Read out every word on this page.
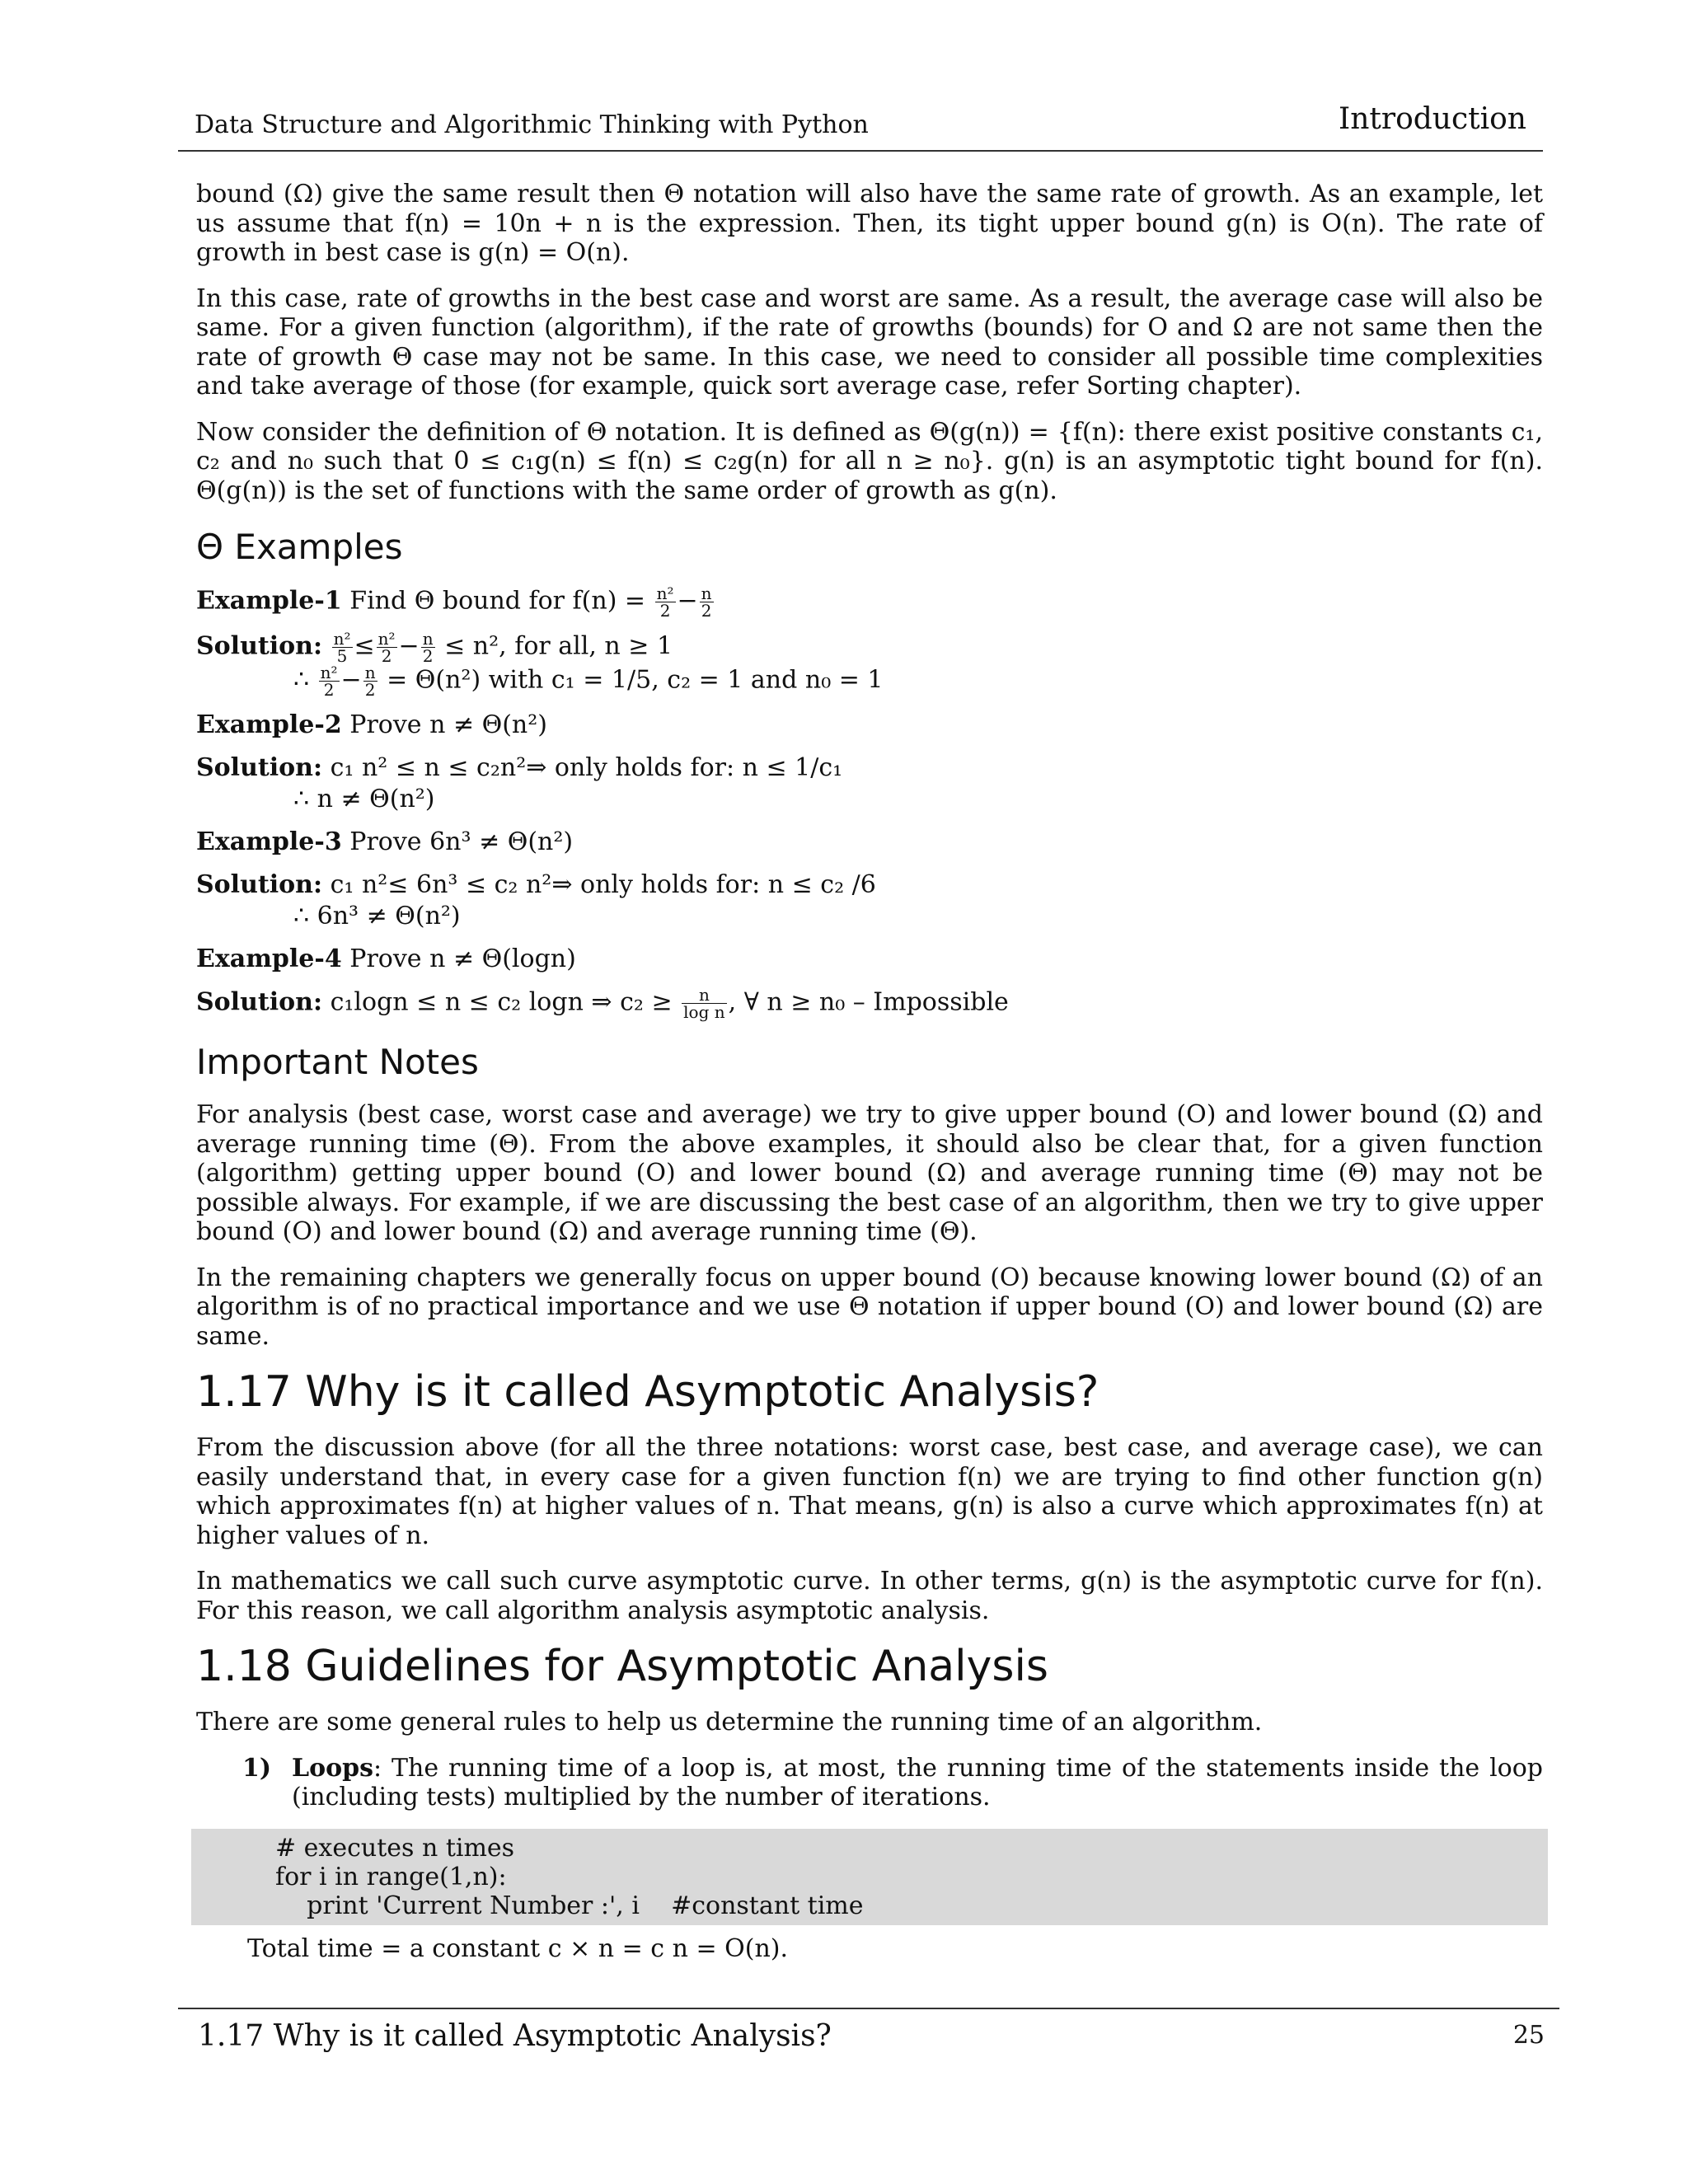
Data Structure and Algorithmic Thinking with Python	Introduction

bound (Ω) give the same result then Θ notation will also have the same rate of growth. As an example, let us assume that f(n) = 10n + n is the expression. Then, its tight upper bound g(n) is O(n). The rate of growth in best case is g(n) = O(n).

In this case, rate of growths in the best case and worst are same. As a result, the average case will also be same. For a given function (algorithm), if the rate of growths (bounds) for O and Ω are not same then the rate of growth Θ case may not be same. In this case, we need to consider all possible time complexities and take average of those (for example, quick sort average case, refer Sorting chapter).

Now consider the definition of Θ notation. It is defined as Θ(g(n)) = {f(n): there exist positive constants c₁, c₂ and n₀ such that 0 ≤ c₁g(n) ≤ f(n) ≤ c₂g(n) for all n ≥ n₀}. g(n) is an asymptotic tight bound for f(n). Θ(g(n)) is the set of functions with the same order of growth as g(n).

Θ Examples
Example-1 Find Θ bound for $f(n) = \frac{\text{n²}}{2} - \frac{n}{2}$
Solution: $\frac{\text{n²}}{5} \le \frac{\text{n²}}{2} - \frac{n}{2} \le n^2$, for all, n ≥ 1
∴ $\frac{\text{n²}}{2} - \frac{n}{2} = \Theta(n^2)$ with c₁ = 1/5, c₂ = 1 and n₀ = 1
Example-2 Prove n ≠ Θ(n²)
Solution: c₁ n² ≤ n ≤ c₂n²⇒ only holds for: n ≤ 1/c₁
∴ n ≠ Θ(n²)
Example-3 Prove 6n³ ≠ Θ(n²)
Solution: c₁ n²≤ 6n³ ≤ c₂ n²⇒ only holds for: n ≤ c₂ /6
∴ 6n³ ≠ Θ(n²)
Example-4 Prove n ≠ Θ(logn)
Solution: c₁logn ≤ n ≤ c₂ logn ⇒ $c_2 \ge \frac{n}{\text{log n}}$ , ∀ n ≥ n₀ – Impossible
Important Notes

For analysis (best case, worst case and average) we try to give upper bound (O) and lower bound (Ω) and average running time (Θ). From the above examples, it should also be clear that, for a given function (algorithm) getting upper bound (O) and lower bound (Ω) and average running time (Θ) may not be possible always. For example, if we are discussing the best case of an algorithm, then we try to give upper bound (O) and lower bound (Ω) and average running time (Θ).

In the remaining chapters we generally focus on upper bound (O) because knowing lower bound (Ω) of an algorithm is of no practical importance and we use Θ notation if upper bound (O) and lower bound (Ω) are same.

1.17 Why is it called Asymptotic Analysis?

From the discussion above (for all the three notations: worst case, best case, and average case), we can easily understand that, in every case for a given function f(n) we are trying to find other function g(n) which approximates f(n) at higher values of n. That means, g(n) is also a curve which approximates f(n) at higher values of n.

In mathematics we call such curve asymptotic curve. In other terms, g(n) is the asymptotic curve for f(n). For this reason, we call algorithm analysis asymptotic analysis.

1.18 Guidelines for Asymptotic Analysis

There are some general rules to help us determine the running time of an algorithm.

1) Loops: The running time of a loop is, at most, the running time of the statements inside the loop (including tests) multiplied by the number of iterations.
# executes n times
for i in range(1,n):
print 'Current Number :', i    #constant time
Total time = a constant c × n = c n = O(n).
1.17 Why is it called Asymptotic Analysis?	25
